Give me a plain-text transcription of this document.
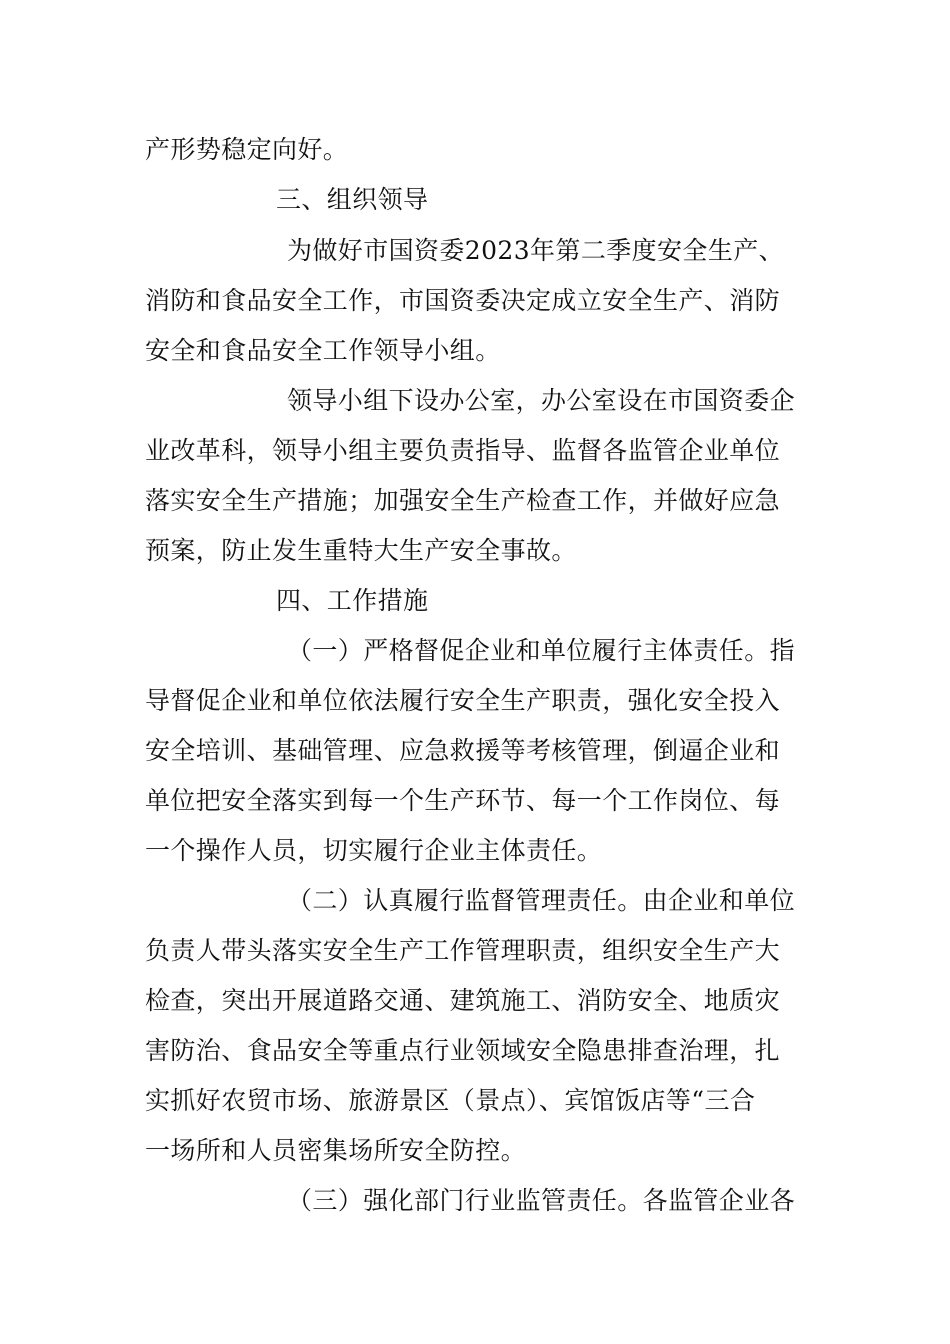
产形势稳定向好。
三、组织领导
为做好市国资委2023年第二季度安全生产、
消防和食品安全工作，市国资委决定成立安全生产、消防
安全和食品安全工作领导小组。
领导小组下设办公室，办公室设在市国资委企
业改革科，领导小组主要负责指导、监督各监管企业单位
落实安全生产措施；加强安全生产检查工作，并做好应急
预案，防止发生重特大生产安全事故。
四、工作措施
（一）严格督促企业和单位履行主体责任。指
导督促企业和单位依法履行安全生产职责，强化安全投入
安全培训、基础管理、应急救援等考核管理，倒逼企业和
单位把安全落实到每一个生产环节、每一个工作岗位、每
一个操作人员，切实履行企业主体责任。
（二）认真履行监督管理责任。由企业和单位
负责人带头落实安全生产工作管理职责，组织安全生产大
检查，突出开展道路交通、建筑施工、消防安全、地质灾
害防治、食品安全等重点行业领域安全隐患排查治理，扎
实抓好农贸市场、旅游景区（景点）、宾馆饭店等“三合
一场所和人员密集场所安全防控。
（三）强化部门行业监管责任。各监管企业各
